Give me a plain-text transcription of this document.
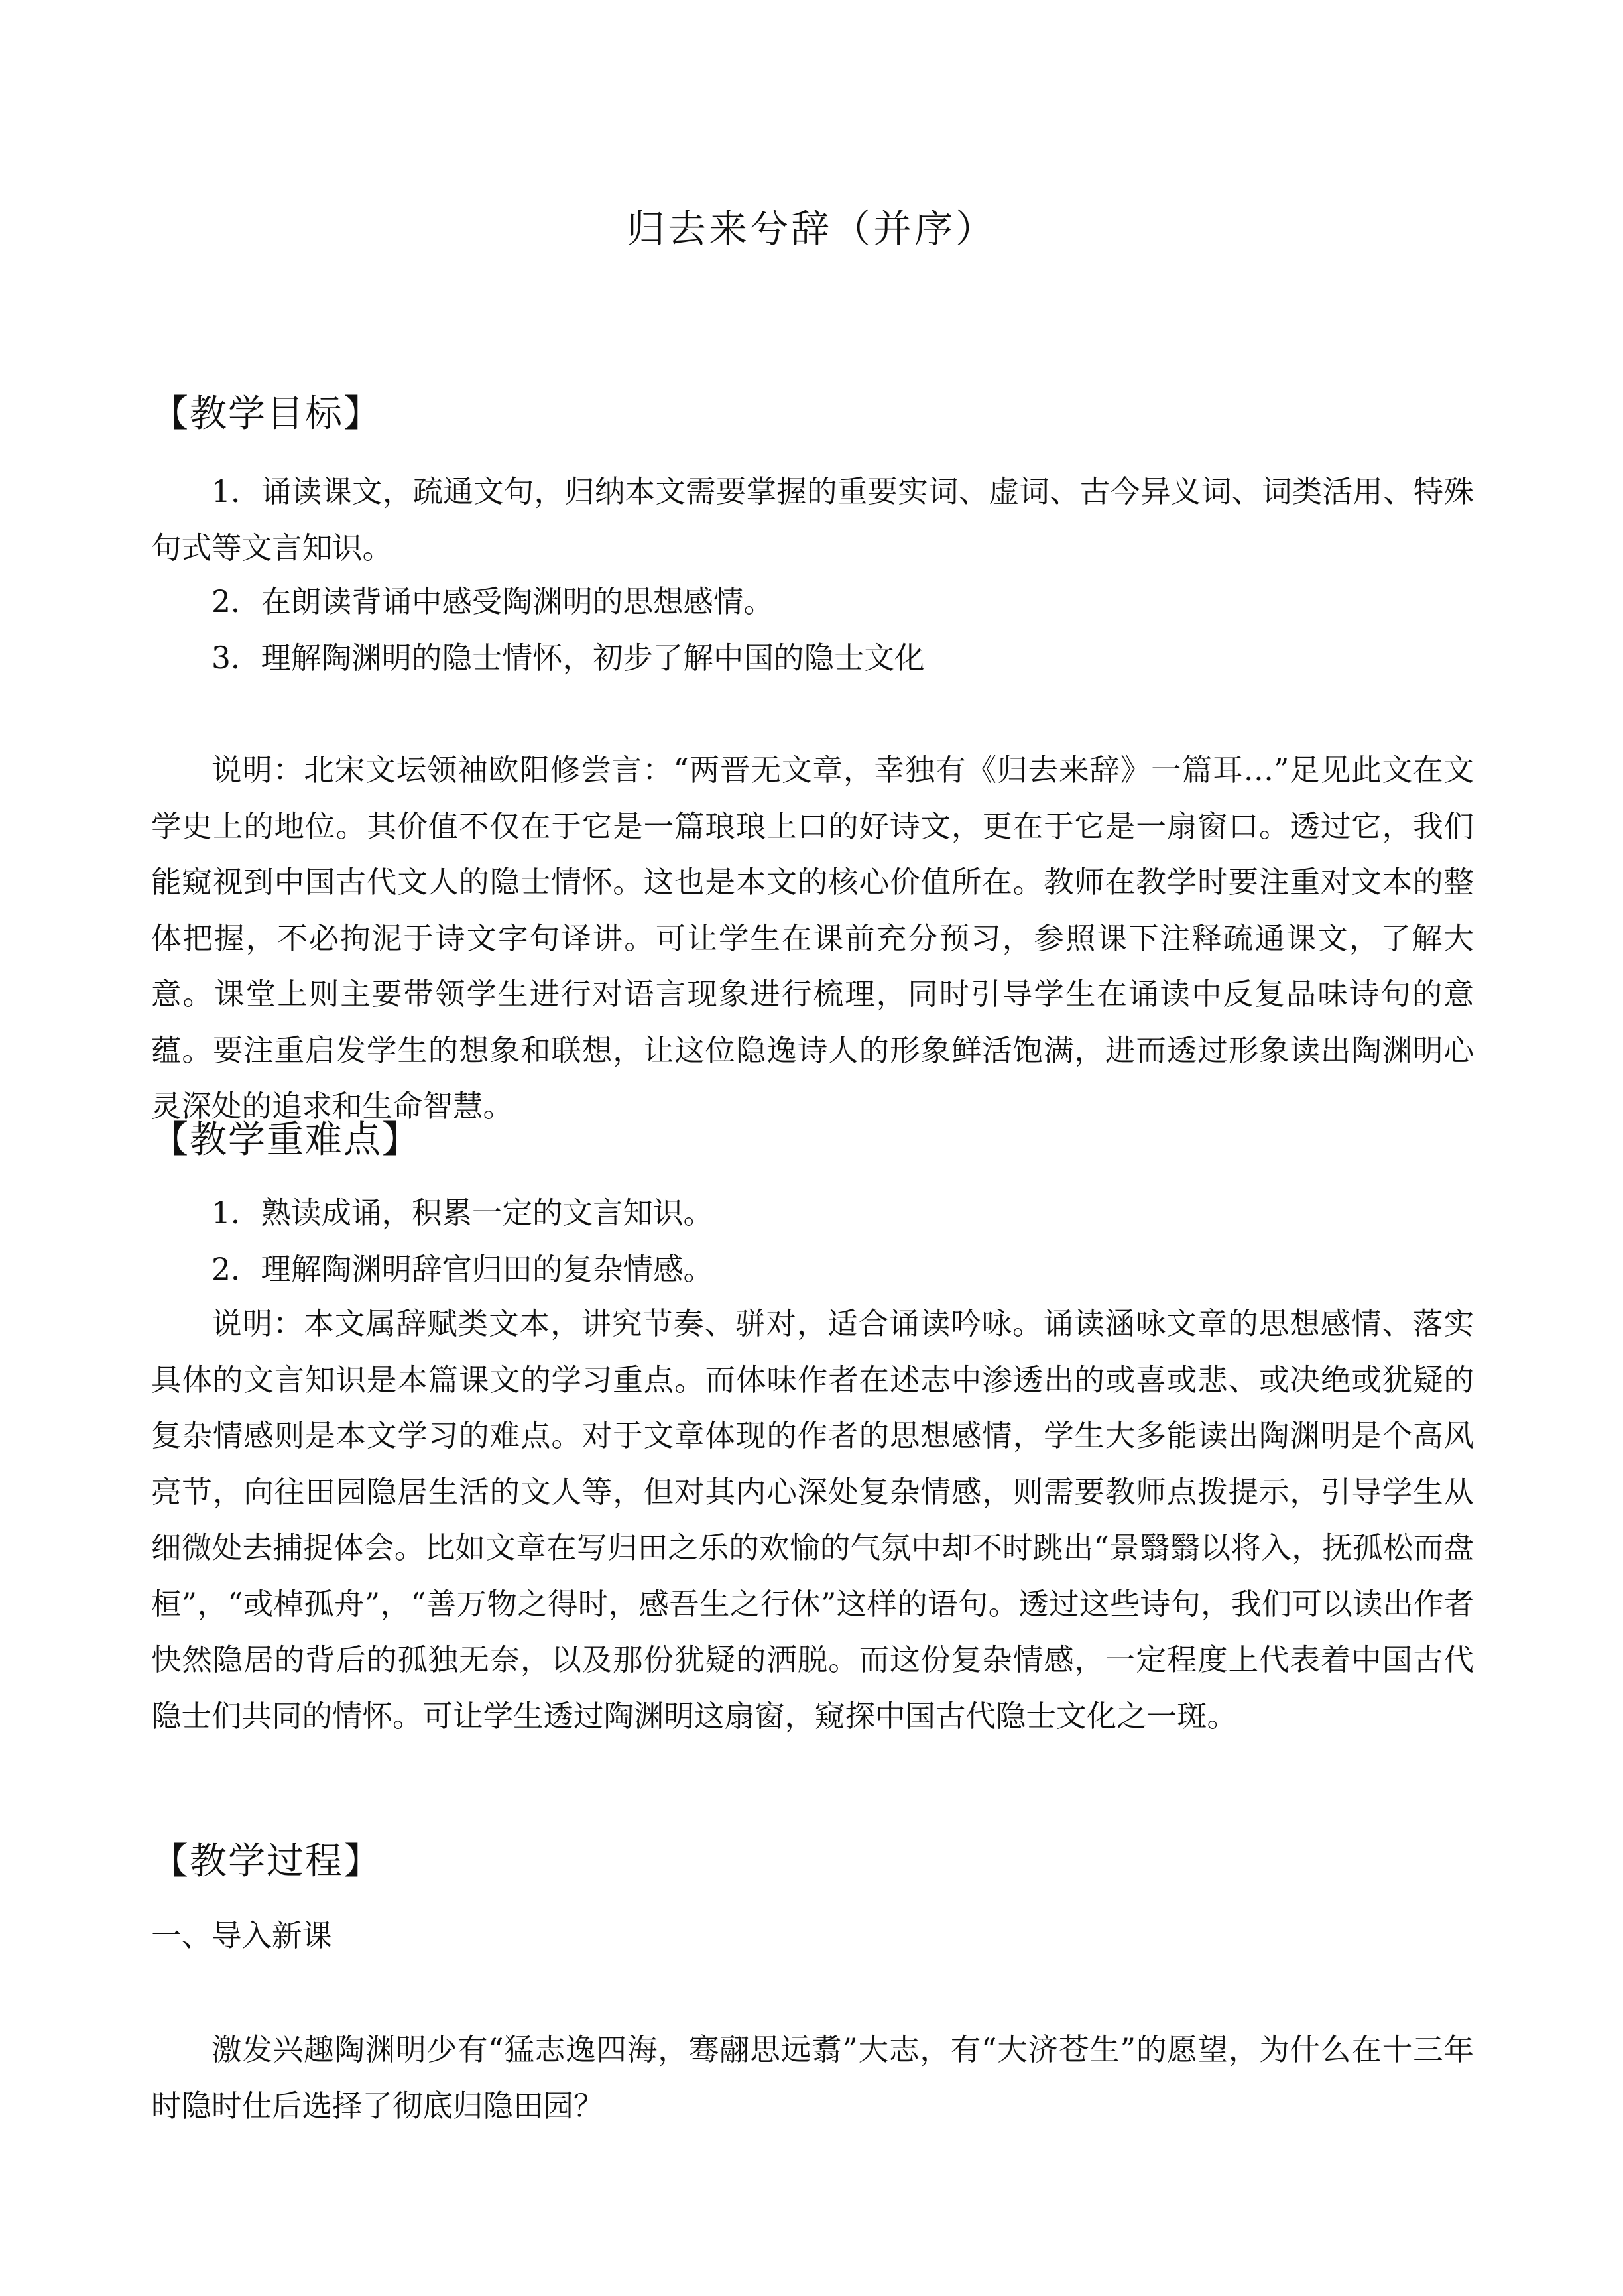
归去来兮辞（并序）
【教学目标】

1．诵读课文，疏通文句，归纳本文需要掌握的重要实词、虚词、古今异义词、词类活用、特殊句式等文言知识。

2．在朗读背诵中感受陶渊明的思想感情。
3．理解陶渊明的隐士情怀，初步了解中国的隐士文化

说明：北宋文坛领袖欧阳修尝言：“两晋无文章，幸独有《归去来辞》一篇耳…”足见此文在文学史上的地位。其价值不仅在于它是一篇琅琅上口的好诗文，更在于它是一扇窗口。透过它，我们能窥视到中国古代文人的隐士情怀。这也是本文的核心价值所在。教师在教学时要注重对文本的整体把握，不必拘泥于诗文字句译讲。可让学生在课前充分预习，参照课下注释疏通课文，了解大意。课堂上则主要带领学生进行对语言现象进行梳理，同时引导学生在诵读中反复品味诗句的意蕴。要注重启发学生的想象和联想，让这位隐逸诗人的形象鲜活饱满，进而透过形象读出陶渊明心灵深处的追求和生命智慧。

【教学重难点】
1．熟读成诵，积累一定的文言知识。
2．理解陶渊明辞官归田的复杂情感。

说明：本文属辞赋类文本，讲究节奏、骈对，适合诵读吟咏。诵读涵咏文章的思想感情、落实具体的文言知识是本篇课文的学习重点。而体味作者在述志中渗透出的或喜或悲、或决绝或犹疑的复杂情感则是本文学习的难点。对于文章体现的作者的思想感情，学生大多能读出陶渊明是个高风亮节，向往田园隐居生活的文人等，但对其内心深处复杂情感，则需要教师点拨提示，引导学生从细微处去捕捉体会。比如文章在写归田之乐的欢愉的气氛中却不时跳出“景翳翳以将入，抚孤松而盘桓”，“或棹孤舟”，“善万物之得时，感吾生之行休”这样的语句。透过这些诗句，我们可以读出作者快然隐居的背后的孤独无奈，以及那份犹疑的洒脱。而这份复杂情感，一定程度上代表着中国古代隐士们共同的情怀。可让学生透过陶渊明这扇窗，窥探中国古代隐士文化之一斑。

【教学过程】
一、导入新课

激发兴趣陶渊明少有“猛志逸四海，骞翮思远翥”大志，有“大济苍生”的愿望，为什么在十三年时隐时仕后选择了彻底归隐田园？
